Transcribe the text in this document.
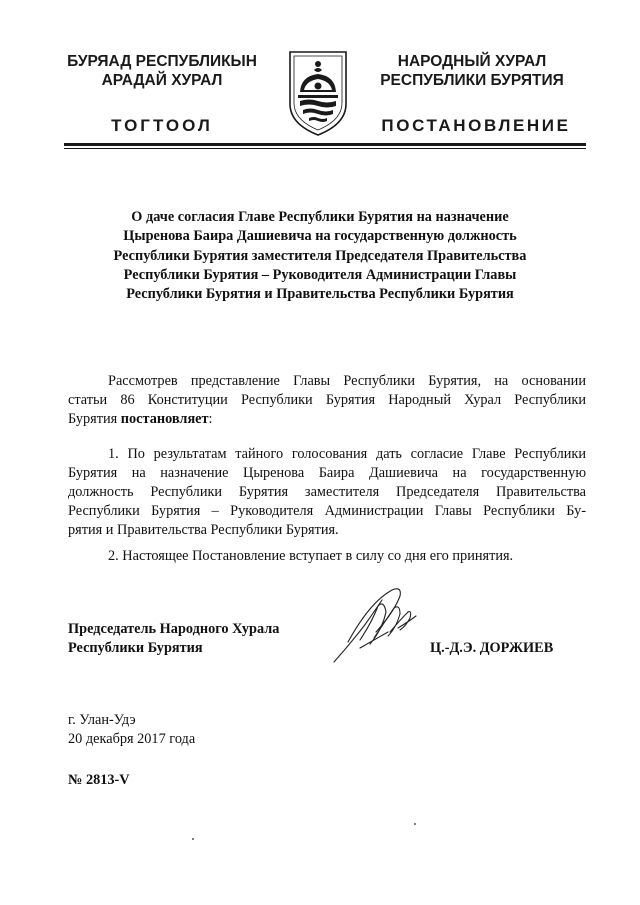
БУРЯАД РЕСПУБЛИКЫН
АРАДАЙ ХУРАЛ
НАРОДНЫЙ ХУРАЛ
РЕСПУБЛИКИ БУРЯТИЯ
ТОГТООЛ	ПОСТАНОВЛЕНИЕ
О даче согласия Главе Республики Бурятия на назначение
Цыренова Баира Дашиевича на государственную должность
Республики Бурятия заместителя Председателя Правительства
Республики Бурятия – Руководителя Администрации Главы
Республики Бурятия и Правительства Республики Бурятия
Рассмотрев представление Главы Республики Бурятия, на основании
статьи 86 Конституции Республики Бурятия Народный Хурал Республики
Бурятия постановляет:
1. По результатам тайного голосования дать согласие Главе Республики
Бурятия на назначение Цыренова Баира Дашиевича на государственную
должность Республики Бурятия заместителя Председателя Правительства
Республики Бурятия – Руководителя Администрации Главы Республики Бу-
рятия и Правительства Республики Бурятия.
2. Настоящее Постановление вступает в силу со дня его принятия.
Председатель Народного Хурала
Республики Бурятия	Ц.-Д.Э. ДОРЖИЕВ
г. Улан-Удэ
20 декабря 2017 года
№ 2813-V
